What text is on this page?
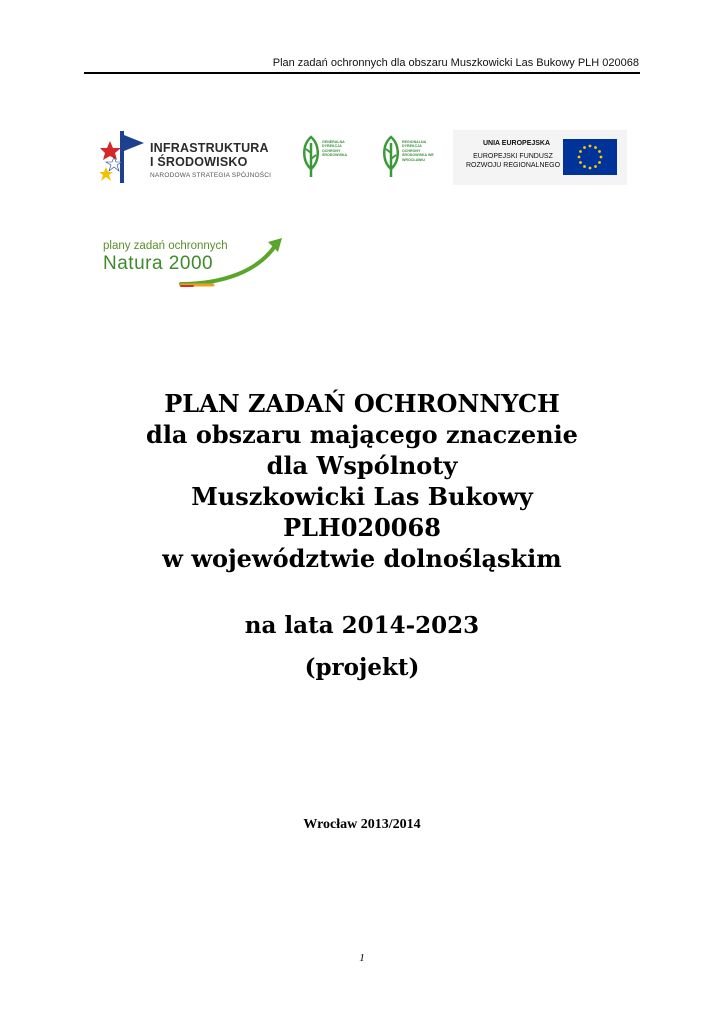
Plan zadań ochronnych dla obszaru Muszkowicki Las Bukowy PLH 020068
INFRASTRUKTURA
I ŚRODOWISKO
NARODOWA STRATEGIA SPÓJNOŚCI
GENERALNA DYREKCJA OCHRONY ŚRODOWISKA
REGIONALNA DYREKCJA OCHRONY ŚRODOWISKA WE WROCŁAWIU
UNIA EUROPEJSKA
EUROPEJSKI FUNDUSZ
ROZWOJU REGIONALNEGO
plany zadań ochronnych
Natura 2000
PLAN ZADAŃ OCHRONNYCH
dla obszaru mającego znaczenie
dla Wspólnoty
Muszkowicki Las Bukowy
PLH020068
w województwie dolnośląskim
na lata 2014-2023
(projekt)
Wrocław 2013/2014
1
